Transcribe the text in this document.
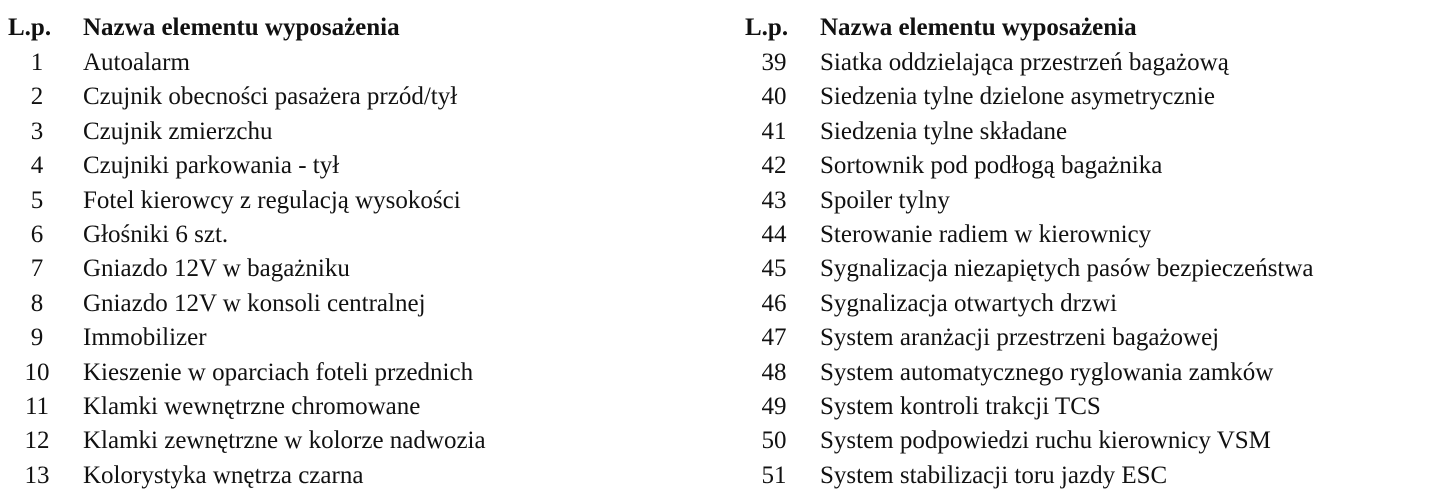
L.p. Nazwa elementu wyposażenia
1	Autoalarm
2	Czujnik obecności pasażera przód/tył
3	Czujnik zmierzchu
4	Czujniki parkowania - tył
5	Fotel kierowcy z regulacją wysokości
6	Głośniki 6 szt.
7	Gniazdo 12V w bagażniku
8	Gniazdo 12V w konsoli centralnej
9	Immobilizer
10	Kieszenie w oparciach foteli przednich
11	Klamki wewnętrzne chromowane
12	Klamki zewnętrzne w kolorze nadwozia
13	Kolorystyka wnętrza czarna
L.p. Nazwa elementu wyposażenia
39	Siatka oddzielająca przestrzeń bagażową
40	Siedzenia tylne dzielone asymetrycznie
41	Siedzenia tylne składane
42	Sortownik pod podłogą bagażnika
43	Spoiler tylny
44	Sterowanie radiem w kierownicy
45	Sygnalizacja niezapiętych pasów bezpieczeństwa
46	Sygnalizacja otwartych drzwi
47	System aranżacji przestrzeni bagażowej
48	System automatycznego ryglowania zamków
49	System kontroli trakcji TCS
50	System podpowiedzi ruchu kierownicy VSM
51	System stabilizacji toru jazdy ESC
